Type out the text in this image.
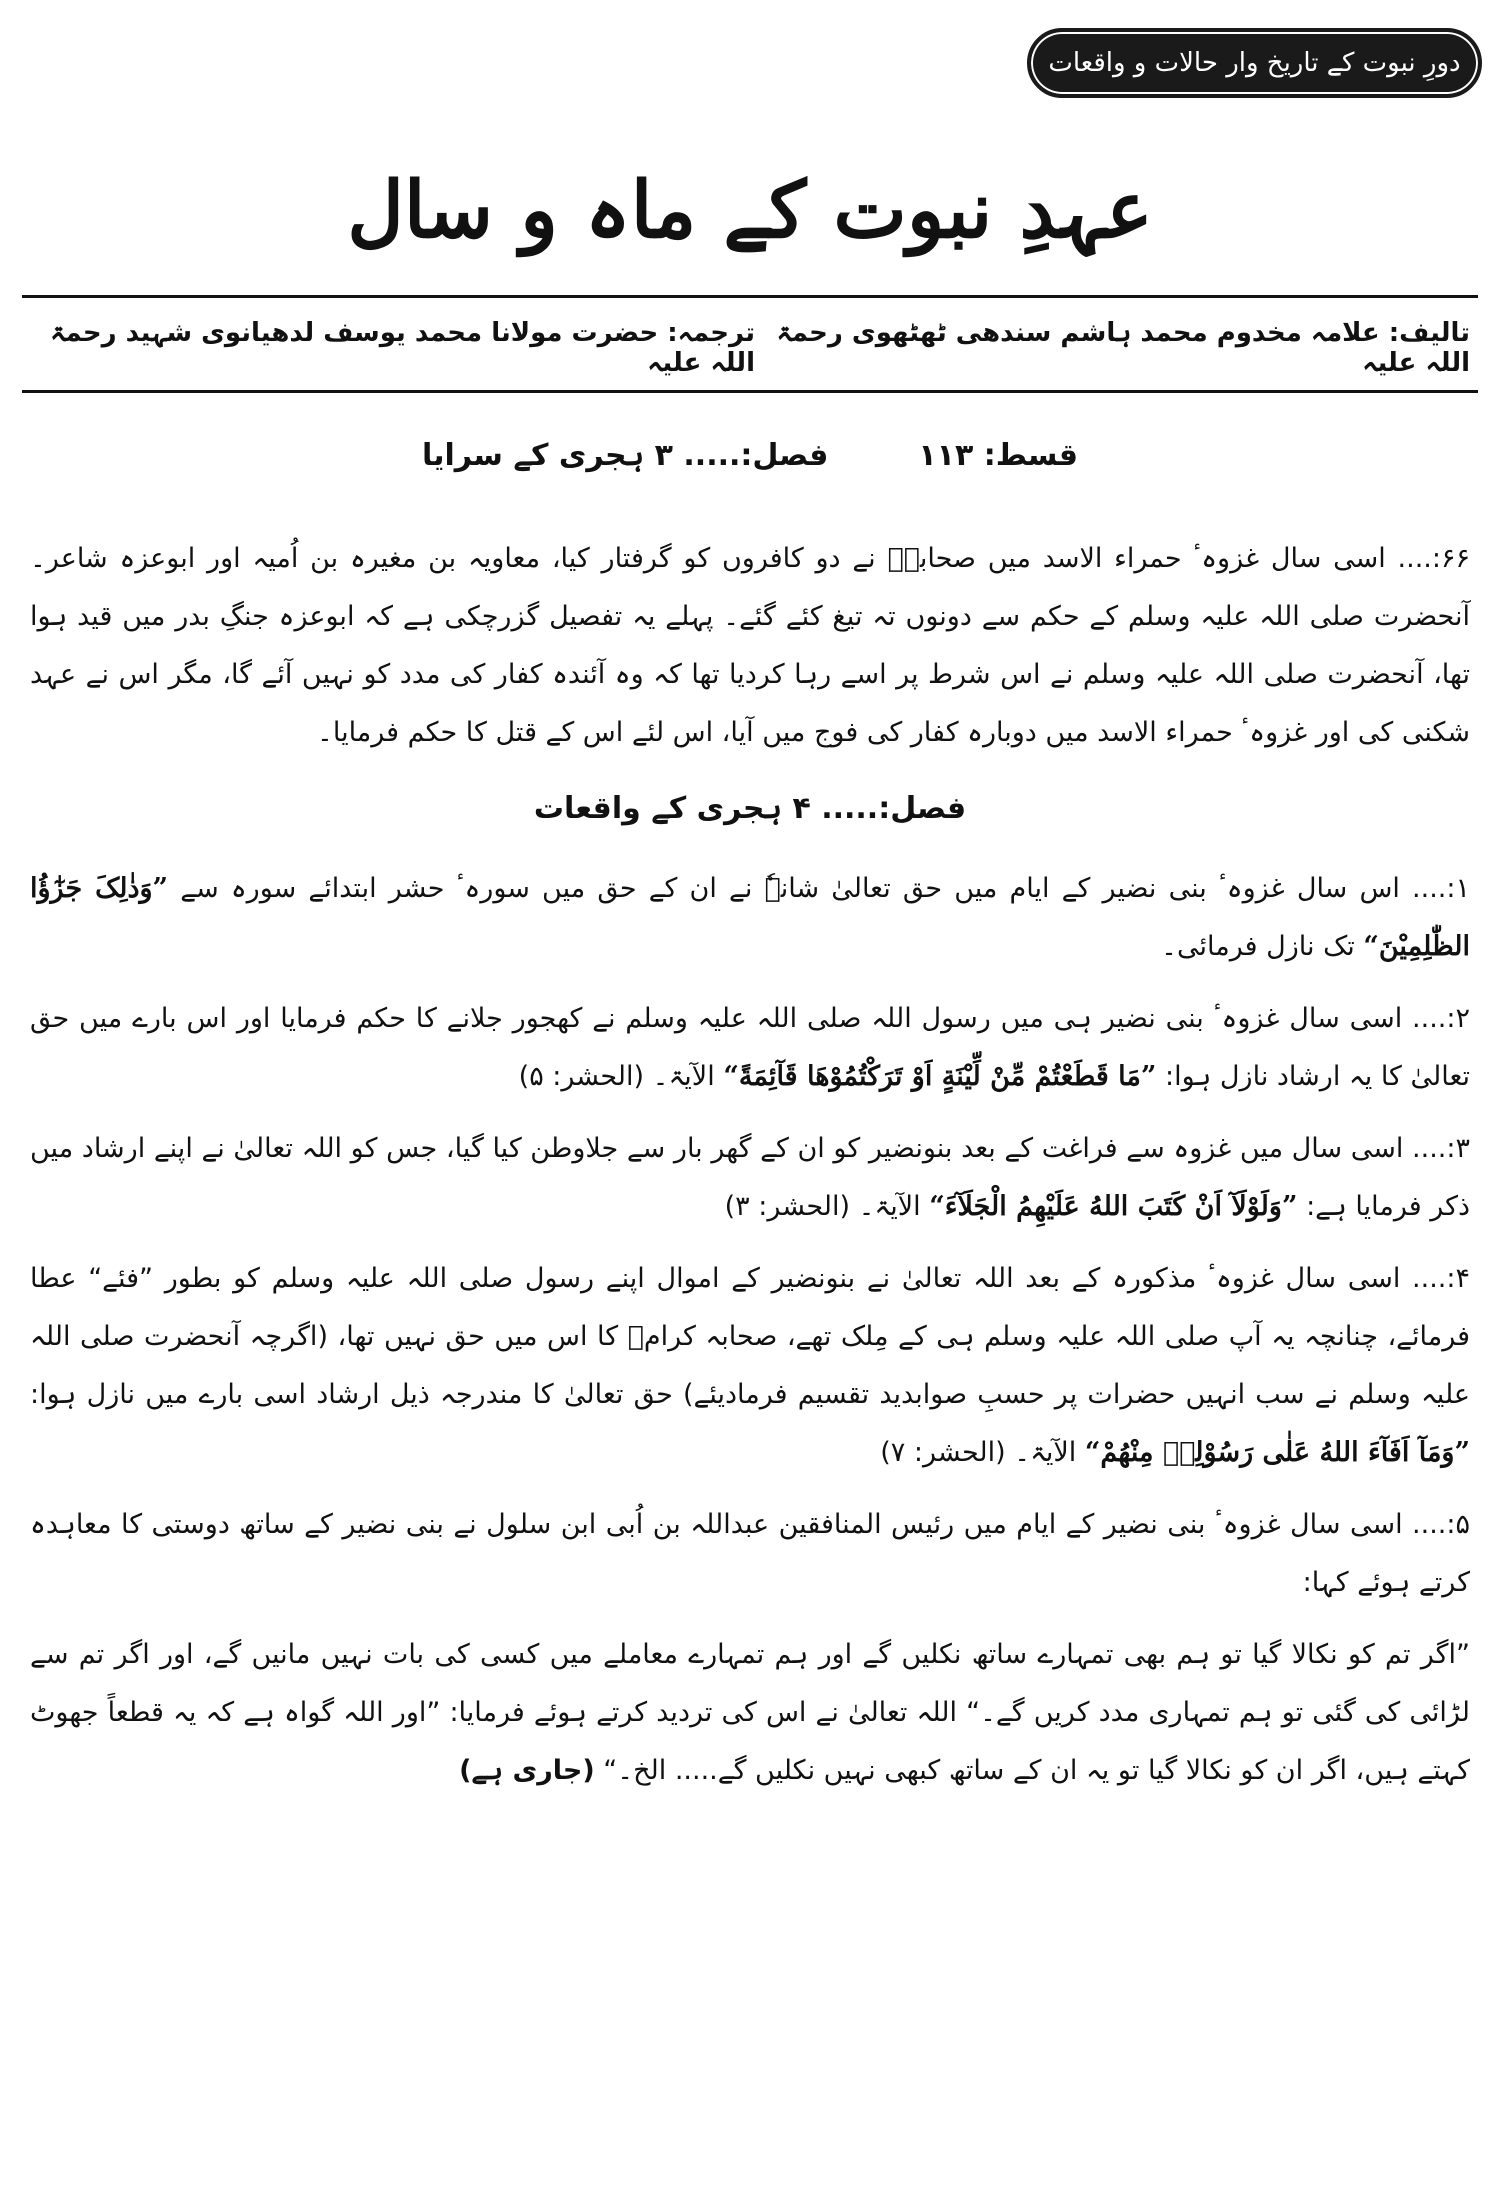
دورِ نبوت کے تاریخ وار حالات و واقعات
عہدِ نبوت کے ماہ و سال
تالیف: علامہ مخدوم محمد ہاشم سندھی ٹھٹھوی رحمۃ اللہ علیہ
ترجمہ: حضرت مولانا محمد یوسف لدھیانوی شہید رحمۃ اللہ علیہ
قسط: ۱۱۳
فصل:..... ۳ ہجری کے سرایا

۶۶:.... اسی سال غزوہٴ حمراء الاسد میں صحابہؓ نے دو کافروں کو گرفتار کیا، معاویہ بن مغیرہ بن اُمیہ اور ابوعزہ شاعر۔ آنحضرت صلی اللہ علیہ وسلم کے حکم سے دونوں تہ تیغ کئے گئے۔ پہلے یہ تفصیل گزرچکی ہے کہ ابوعزہ جنگِ بدر میں قید ہوا تھا، آنحضرت صلی اللہ علیہ وسلم نے اس شرط پر اسے رہا کردیا تھا کہ وہ آئندہ کفار کی مدد کو نہیں آئے گا، مگر اس نے عہد شکنی کی اور غزوہٴ حمراء الاسد میں دوبارہ کفار کی فوج میں آیا، اس لئے اس کے قتل کا حکم فرمایا۔

فصل:..... ۴ ہجری کے واقعات

۱:.... اس سال غزوہٴ بنی نضیر کے ایام میں حق تعالیٰ شانہٗ نے ان کے حق میں سورہٴ حشر ابتدائے سورہ سے ”وَذٰلِکَ جَزٰٓؤُا الظّٰلِمِیْنَ“ تک نازل فرمائی۔

۲:.... اسی سال غزوہٴ بنی نضیر ہی میں رسول اللہ صلی اللہ علیہ وسلم نے کھجور جلانے کا حکم فرمایا اور اس بارے میں حق تعالیٰ کا یہ ارشاد نازل ہوا: ”مَا قَطَعْتُمْ مِّنْ لِّیْنَةٍ اَوْ تَرَکْتُمُوْهَا قَآئِمَةً“ الآیۃ۔ (الحشر: ۵)

۳:.... اسی سال میں غزوہ سے فراغت کے بعد بنونضیر کو ان کے گھر بار سے جلاوطن کیا گیا، جس کو اللہ تعالیٰ نے اپنے ارشاد میں ذکر فرمایا ہے: ”وَلَوْلَآ اَنْ کَتَبَ اللهُ عَلَیْهِمُ الْجَلَآءَ“ الآیۃ۔ (الحشر: ۳)

۴:.... اسی سال غزوہٴ مذکورہ کے بعد اللہ تعالیٰ نے بنونضیر کے اموال اپنے رسول صلی اللہ علیہ وسلم کو بطور ”فئے“ عطا فرمائے، چنانچہ یہ آپ صلی اللہ علیہ وسلم ہی کے مِلک تھے، صحابہ کرامؓ کا اس میں حق نہیں تھا، (اگرچہ آنحضرت صلی اللہ علیہ وسلم نے سب انہیں حضرات پر حسبِ صوابدید تقسیم فرمادیئے) حق تعالیٰ کا مندرجہ ذیل ارشاد اسی بارے میں نازل ہوا: ”وَمَآ اَفَآءَ اللهُ عَلٰی رَسُوْلِهٖ مِنْهُمْ“ الآیۃ۔ (الحشر: ۷)

۵:.... اسی سال غزوہٴ بنی نضیر کے ایام میں رئیس المنافقین عبداللہ بن اُبی ابن سلول نے بنی نضیر کے ساتھ دوستی کا معاہدہ کرتے ہوئے کہا:

”اگر تم کو نکالا گیا تو ہم بھی تمہارے ساتھ نکلیں گے اور ہم تمہارے معاملے میں کسی کی بات نہیں مانیں گے، اور اگر تم سے لڑائی کی گئی تو ہم تمہاری مدد کریں گے۔“ اللہ تعالیٰ نے اس کی تردید کرتے ہوئے فرمایا: ”اور اللہ گواہ ہے کہ یہ قطعاً جھوٹ کہتے ہیں، اگر ان کو نکالا گیا تو یہ ان کے ساتھ کبھی نہیں نکلیں گے..... الخ۔“ (جاری ہے)
